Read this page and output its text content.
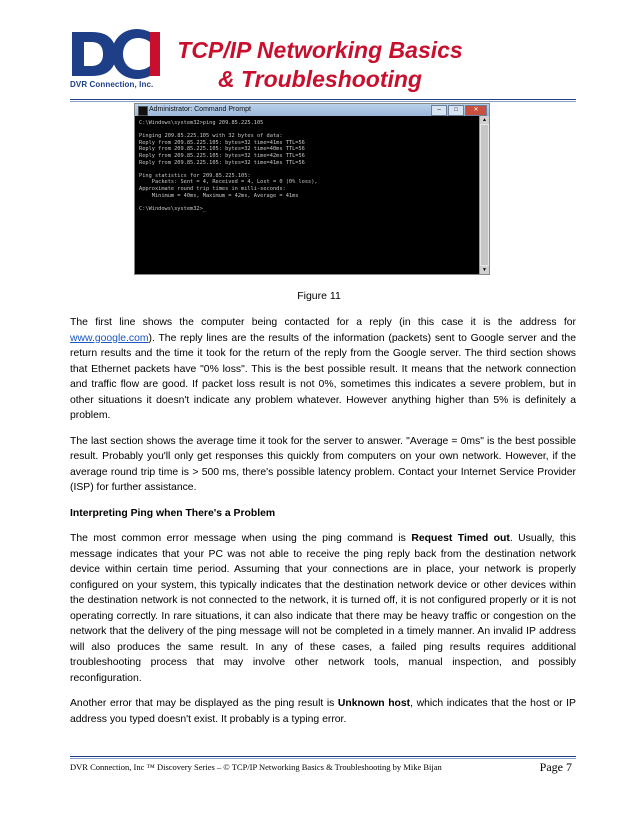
DVR Connection, Inc.
TCP/IP Networking Basics
& Troubleshooting
Administrator: Command Prompt	–	□	✕
C:\Windows\system32>ping 209.85.225.105

Pinging 209.85.225.105 with 32 bytes of data:
Reply from 209.85.225.105: bytes=32 time=41ms TTL=56
Reply from 209.85.225.105: bytes=32 time=40ms TTL=56
Reply from 209.85.225.105: bytes=32 time=42ms TTL=56
Reply from 209.85.225.105: bytes=32 time=41ms TTL=56

Ping statistics for 209.85.225.105:
Packets: Sent = 4, Received = 4, Lost = 0 (0% loss),
Approximate round trip times in milli-seconds:
Minimum = 40ms, Maximum = 42ms, Average = 41ms

C:\Windows\system32>_
▲
▼
Figure 11

The first line shows the computer being contacted for a reply (in this case it is the address for www.google.com). The reply lines are the results of the information (packets) sent to Google server and the return results and the time it took for the return of the reply from the Google server. The third section shows that Ethernet packets have "0% loss". This is the best possible result. It means that the network connection and traffic flow are good. If packet loss result is not 0%, sometimes this indicates a severe problem, but in other situations it doesn't indicate any problem whatever. However anything higher than 5% is definitely a problem.

The last section shows the average time it took for the server to answer. "Average = 0ms" is the best possible result. Probably you'll only get responses this quickly from computers on your own network. However, if the average round trip time is > 500 ms, there's possible latency problem. Contact your Internet Service Provider (ISP) for further assistance.

Interpreting Ping when There's a Problem

The most common error message when using the ping command is Request Timed out. Usually, this message indicates that your PC was not able to receive the ping reply back from the destination network device within certain time period. Assuming that your connections are in place, your network is properly configured on your system, this typically indicates that the destination network device or other devices within the destination network is not connected to the network, it is turned off, it is not configured properly or it is not operating correctly. In rare situations, it can also indicate that there may be heavy traffic or congestion on the network that the delivery of the ping message will not be completed in a timely manner. An invalid IP address will also produces the same result. In any of these cases, a failed ping results requires additional troubleshooting process that may involve other network tools, manual inspection, and possibly reconfiguration.

Another error that may be displayed as the ping result is Unknown host, which indicates that the host or IP address you typed doesn't exist. It probably is a typing error.

DVR Connection, Inc ™ Discovery Series – © TCP/IP Networking Basics & Troubleshooting by Mike Bijan	Page 7
